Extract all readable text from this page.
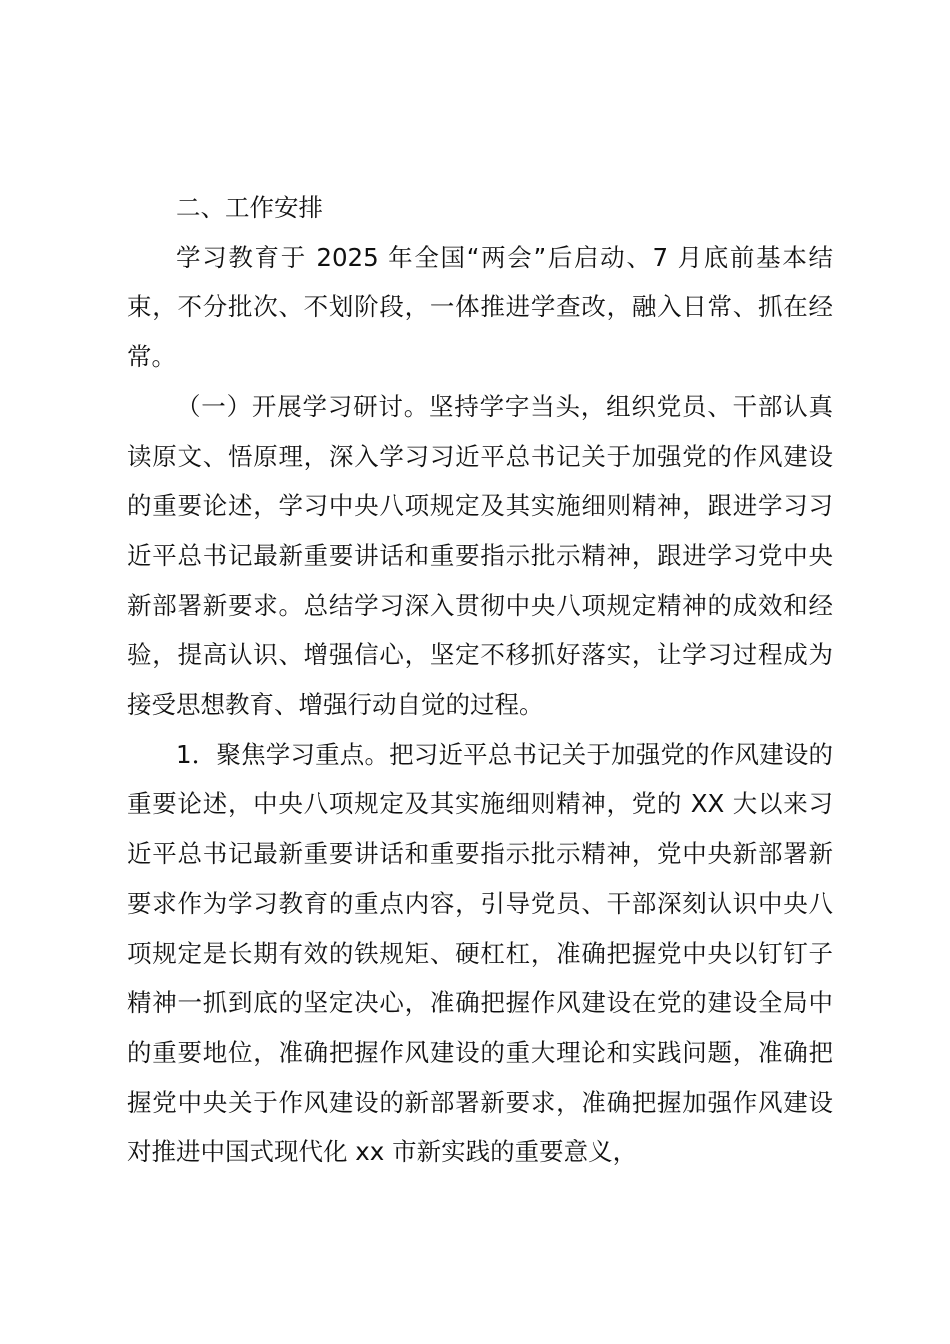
二、工作安排

学习教育于 2025 年全国“两会”后启动、7 月底前基本结束，不分批次、不划阶段，一体推进学查改，融入日常、抓在经常。

（一）开展学习研讨。坚持学字当头，组织党员、干部认真读原文、悟原理，深入学习习近平总书记关于加强党的作风建设的重要论述，学习中央八项规定及其实施细则精神，跟进学习习近平总书记最新重要讲话和重要指示批示精神，跟进学习党中央新部署新要求。总结学习深入贯彻中央八项规定精神的成效和经验，提高认识、增强信心，坚定不移抓好落实，让学习过程成为接受思想教育、增强行动自觉的过程。

1．聚焦学习重点。把习近平总书记关于加强党的作风建设的重要论述，中央八项规定及其实施细则精神，党的 XX 大以来习近平总书记最新重要讲话和重要指示批示精神，党中央新部署新要求作为学习教育的重点内容，引导党员、干部深刻认识中央八项规定是长期有效的铁规矩、硬杠杠，准确把握党中央以钉钉子精神一抓到底的坚定决心，准确把握作风建设在党的建设全局中的重要地位，准确把握作风建设的重大理论和实践问题，准确把握党中央关于作风建设的新部署新要求，准确把握加强作风建设对推进中国式现代化 xx 市新实践的重要意义，
